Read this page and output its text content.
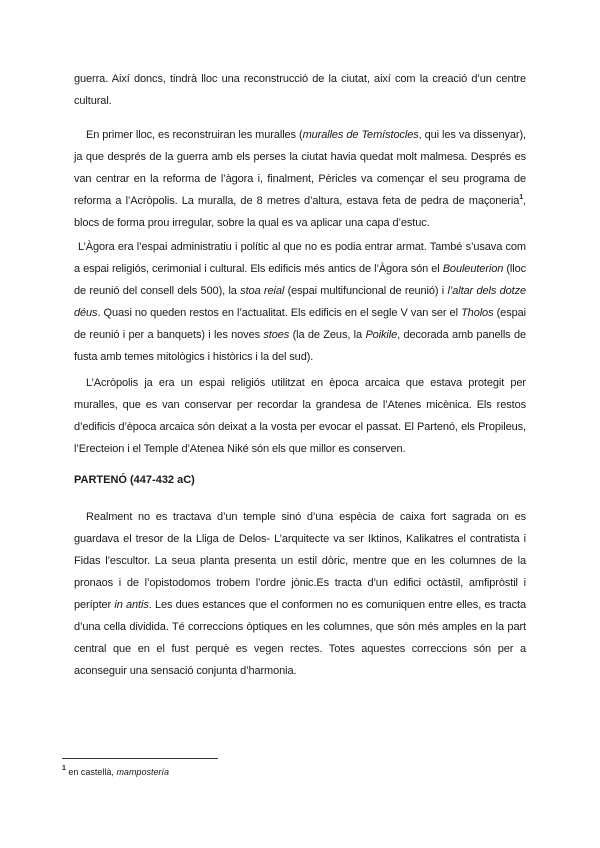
guerra. Així doncs, tindrà lloc una reconstrucció de la ciutat, així com la creació d’un centre cultural.

En primer lloc, es reconstruiran les muralles (muralles de Temístocles, qui les va dissenyar), ja que després de la guerra amb els perses la ciutat havia quedat molt malmesa. Després es van centrar en la reforma de l’àgora i, finalment, Pèricles va començar el seu programa de reforma a l’Acròpolis. La muralla, de 8 metres d’altura, estava feta de pedra de maçoneria$^1$, blocs de forma prou irregular, sobre la qual es va aplicar una capa d’estuc.

L’Àgora era l’espai administratiu i polític al que no es podia entrar armat. També s’usava com a espai religiós, cerimonial i cultural. Els edificis més antics de l’Àgora són el Bouleuterion (lloc de reunió del consell dels 500), la stoa reial (espai multifuncional de reunió) i l’altar dels dotze déus. Quasi no queden restos en l’actualitat. Els edificis en el segle V van ser el Tholos (espai de reunió i per a banquets) i les noves stoes (la de Zeus, la Poikile, decorada amb panells de fusta amb temes mitològics i històrics i la del sud).

L’Acròpolis ja era un espai religiós utilitzat en època arcaica que estava protegit per muralles, que es van conservar per recordar la grandesa de l’Atenes micènica. Els restos d’edificis d’època arcaica són deixat a la vosta per evocar el passat. El Partenó, els Propileus, l’Erecteion i el Temple d’Atenea Niké són els que millor es conserven.

PARTENÓ (447-432 aC)

Realment no es tractava d’un temple sinó d’una espècia de caixa fort sagrada on es guardava el tresor de la Lliga de Delos- L’arquitecte va ser Iktinos, Kalikatres el contratista i Fidas l’escultor. La seua planta presenta un estil dòric, mentre que en les columnes de la pronaos i de l’opistodomos trobem l’ordre jònic.Es tracta d’un edifici octàstil, amfipròstil i perípter in antis. Les dues estances que el conformen no es comuniquen entre elles, es tracta d’una cella dividida. Té correccions òptiques en les columnes, que són més amples en la part central que en el fust perquè es vegen rectes. Totes aquestes correccions són per a aconseguir una sensació conjunta d’harmonia.

$^1$ en castellà, mampostería
